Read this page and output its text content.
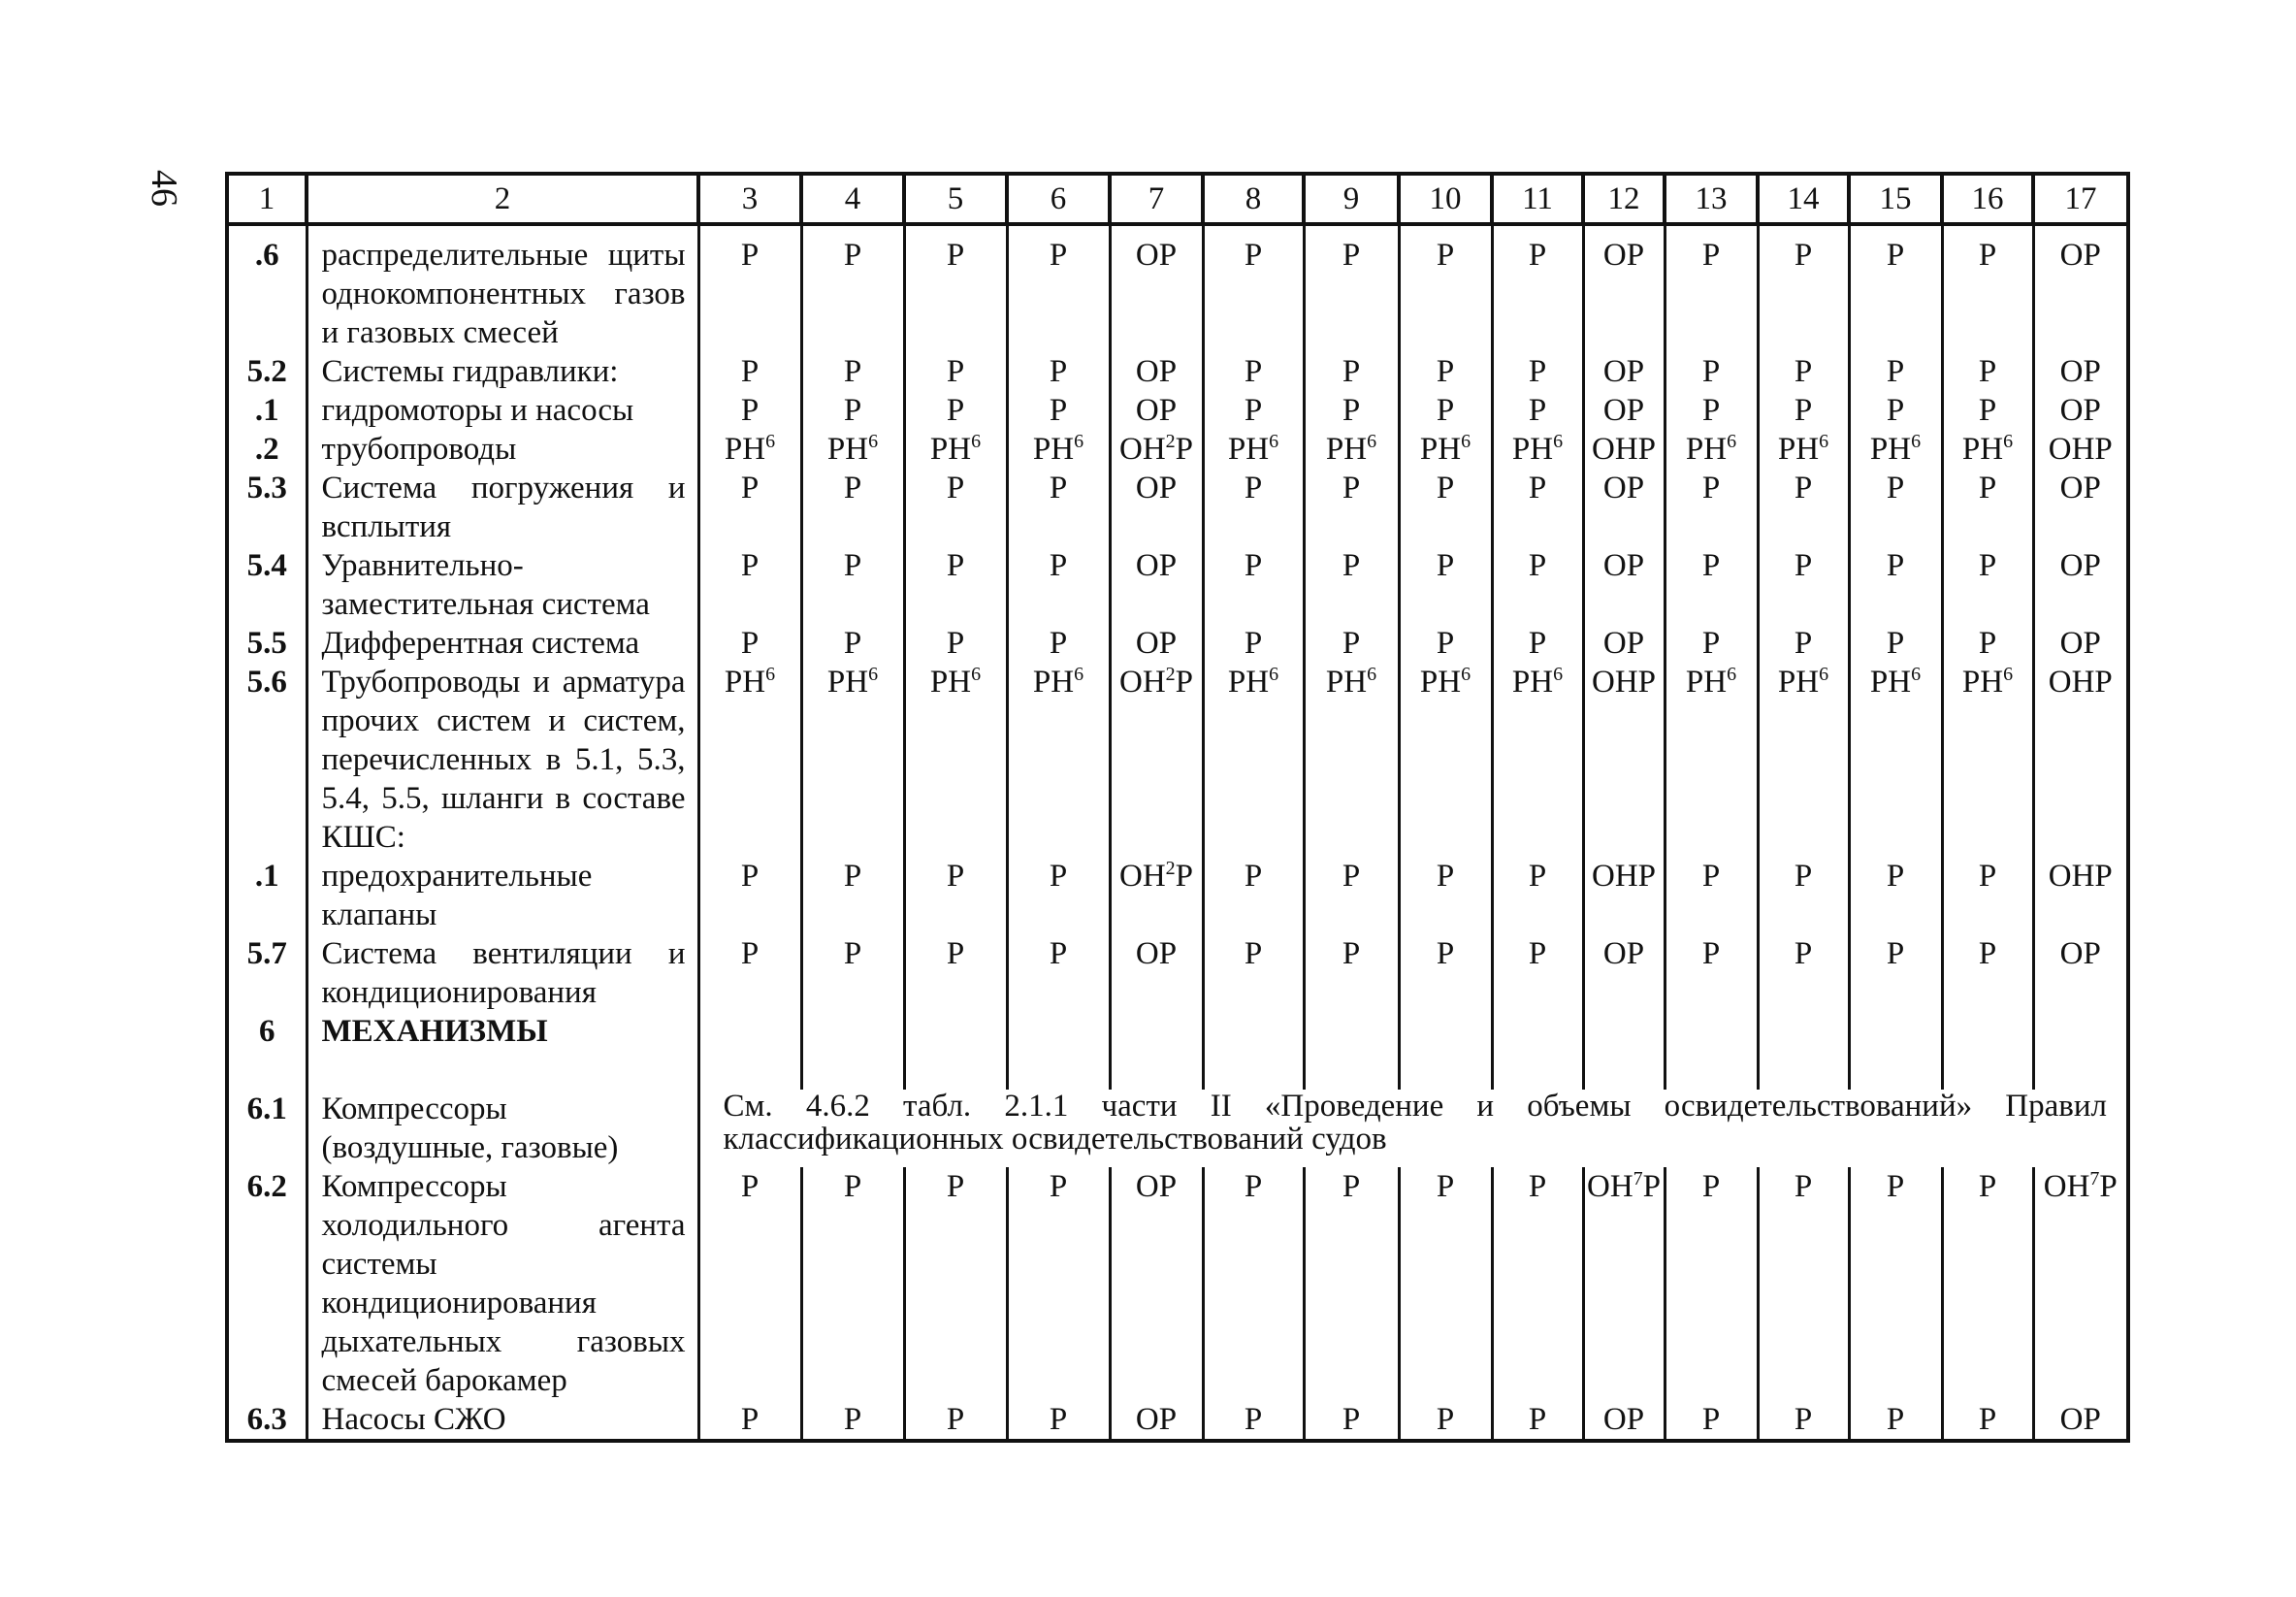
46 1	2	3	4	5	6	7	8	9	10	11	12	13	14	15	16	17
.6	распределительные щиты однокомпонентных газов и газовых смесей	Р	Р	Р	Р	ОР	Р	Р	Р	Р	ОР	Р	Р	Р	Р	ОР
5.2	Системы гидравлики:	Р	Р	Р	Р	ОР	Р	Р	Р	Р	ОР	Р	Р	Р	Р	ОР
.1	гидромоторы и насосы	Р	Р	Р	Р	ОР	Р	Р	Р	Р	ОР	Р	Р	Р	Р	ОР
.2	трубопроводы	$РН^6$	$РН^6$	$РН^6$	$РН^6$	$ОН^2Р$	$РН^6$	$РН^6$	$РН^6$	$РН^6$	ОНР	$РН^6$	$РН^6$	$РН^6$	$РН^6$	ОНР
5.3	Система погружения и всплытия	Р	Р	Р	Р	ОР	Р	Р	Р	Р	ОР	Р	Р	Р	Р	ОР
5.4	Уравнительно-заместительная система	Р	Р	Р	Р	ОР	Р	Р	Р	Р	ОР	Р	Р	Р	Р	ОР
5.5	Дифферентная система	Р	Р	Р	Р	ОР	Р	Р	Р	Р	ОР	Р	Р	Р	Р	ОР
5.6	Трубопроводы и арматура прочих систем и систем, перечисленных в 5.1, 5.3, 5.4, 5.5, шланги в составе КШС:	$РН^6$	$РН^6$	$РН^6$	$РН^6$	$ОН^2Р$	$РН^6$	$РН^6$	$РН^6$	$РН^6$	ОНР	$РН^6$	$РН^6$	$РН^6$	$РН^6$	ОНР
.1	предохранительные клапаны	Р	Р	Р	Р	$ОН^2Р$	Р	Р	Р	Р	ОНР	Р	Р	Р	Р	ОНР
5.7	Система вентиляции и кондиционирования	Р	Р	Р	Р	ОР	Р	Р	Р	Р	ОР	Р	Р	Р	Р	ОР
6	МЕХАНИЗМЫ															
6.1	Компрессоры (воздушные, газовые)	См. 4.6.2 табл. 2.1.1 части II «Проведение и объемы освидетельствований» Правил классификационных освидетельствований судов														
6.2	Компрессоры холодильного агента системы кондиционирования дыхательных газовых смесей барокамер	Р	Р	Р	Р	ОР	Р	Р	Р	Р	$ОН^7Р$	Р	Р	Р	Р	$ОН^7Р$
6.3	Насосы СЖО	Р	Р	Р	Р	ОР	Р	Р	Р	Р	ОР	Р	Р	Р	Р	ОР
